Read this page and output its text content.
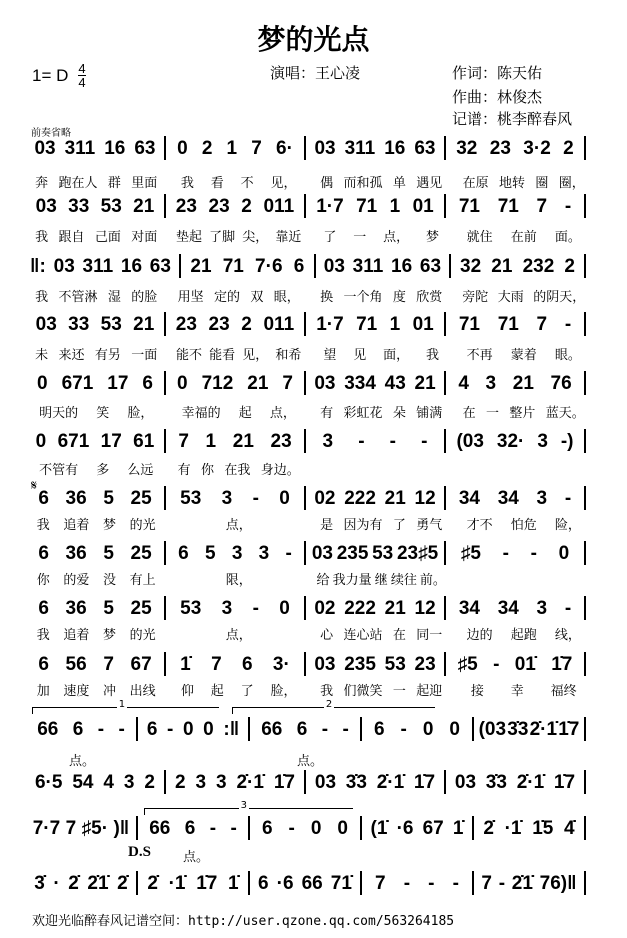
梦的光点
1= D $\frac{4}{4}$	演唱：王心凌	作词：陈天佑
作曲：林俊杰
记谱：桃李醉春风
前奏省略
𝄋
1	2
3
D.S
03 311 16 63 0 2 1 7 6· 03 311 16 63 32 23 3·2 2
奔 跑在人 群 里面 我 看 不 见， 偶 而和孤 单 遇见 在原 地转 圈 圈，
03 33 53 21 23 23 2 011 1·7 71 1 01 71 71 7 -
我 跟自 己面 对面 垫起 了脚 尖， 靠近 了 一 点， 梦 就住 在前 面。
‖: 03 311 16 63 21 71 7·6 6 03 311 16 63 32 21 232 2
我 不管淋 湿 的脸 用坚 定的 双 眼， 换 一个角 度 欣赏 旁陀 大雨 的阴天，
03 33 53 21 23 23 2 011 1·7 71 1 01 71 71 7 -
未 来还 有另 一面 能不 能看 见， 和希 望 见 面， 我 不再 蒙着 眼。
0 671 17 6 0 712 21 7 03 334 43 21 4 3 21 76
明天的 笑 脸， 幸福的 起 点， 有 彩虹花 朵 铺满 在 一 整片 蓝天。
0 671 17 61 7 1 21 23 3 - - - (03 32· 3 -)
不管有 多 么远 有 你 在我 身边。
6 36 5 25 53 3 - 0 02 222 21 12 34 34 3 -
我 追着 梦 的光	点，	是 因为有 了 勇气 才不 怕危 险，
6 36 5 25 6 5 3 3 - 03 235 53 23♯5 ♯5 - - 0
你 的爱 没 有上	限，	给 我力量 继 续往 前。
6 36 5 25 53 3 - 0 02 222 21 12 34 34 3 -
我 追着 梦 的光	点，	心 连心站 在 同一 边的 起跑 线，
6 56 7 67 1̇ 7 6 3· 03 235 53 23 ♯5 - 01̇ 1̇7
加 速度 冲 出线 仰 起 了 脸， 我 们微笑 一 起迎 接 幸 福终
66 6 - - 6 - 0 0 :‖ 66 6 - - 6 - 0 0 (03 3̇3 2̇·1̇ 1̇7
点。	点。
6·5 54 4 3 2 2 3 3 2̇·1̇ 1̇7 03 3̇3 2̇·1̇ 1̇7 03 3̇3 2̇·1̇ 1̇7
7·7 7 ♯5· )‖ 66 6 - - 6 - 0 0 (1̇ ·6 67 1̇ 2̇ ·1̇ 1̇5 4̇
点。
3̇ · 2̇ 2̇1̇ 2̇ 2̇ ·1̇ 1̇7 1̇ 6 ·6 66 71̇ 7 - - - 7 - 2̇1̇ 76)‖
欢迎光临醉春风记谱空间：http://user.qzone.qq.com/563264185
